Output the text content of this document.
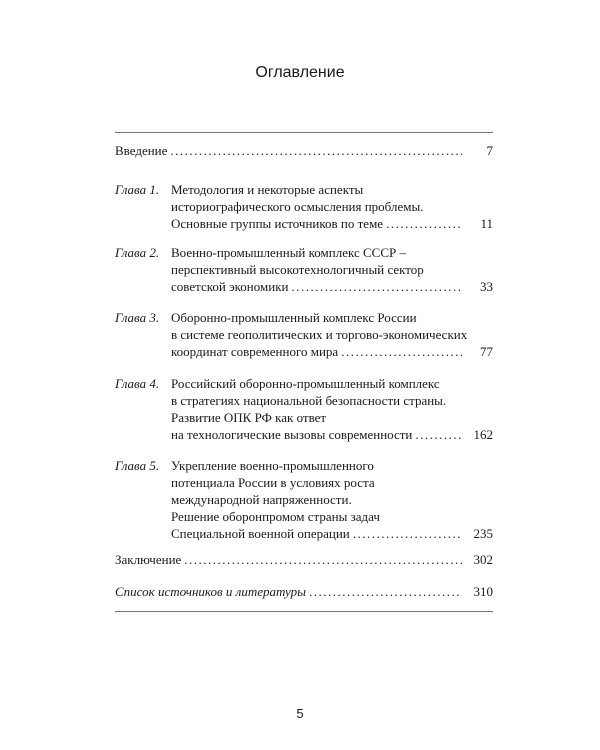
Оглавление
Введение .....	7
Глава 1. Методология и некоторые аспекты
историографического осмысления проблемы.
Основные группы источников по теме .....	11
Глава 2. Военно-промышленный комплекс СССР –
перспективный высокотехнологичный сектор
советской экономики .....	33
Глава 3. Оборонно-промышленный комплекс России
в системе геополитических и торгово-экономических
координат современного мира .....	77
Глава 4. Российский оборонно-промышленный комплекс
в стратегиях национальной безопасности страны.
Развитие ОПК РФ как ответ
на технологические вызовы современности .....	162
Глава 5. Укрепление военно-промышленного
потенциала России в условиях роста
международной напряженности.
Решение оборонпромом страны задач
Специальной военной операции .....	235
Заключение .....	302
Список источников и литературы .....	310
5
